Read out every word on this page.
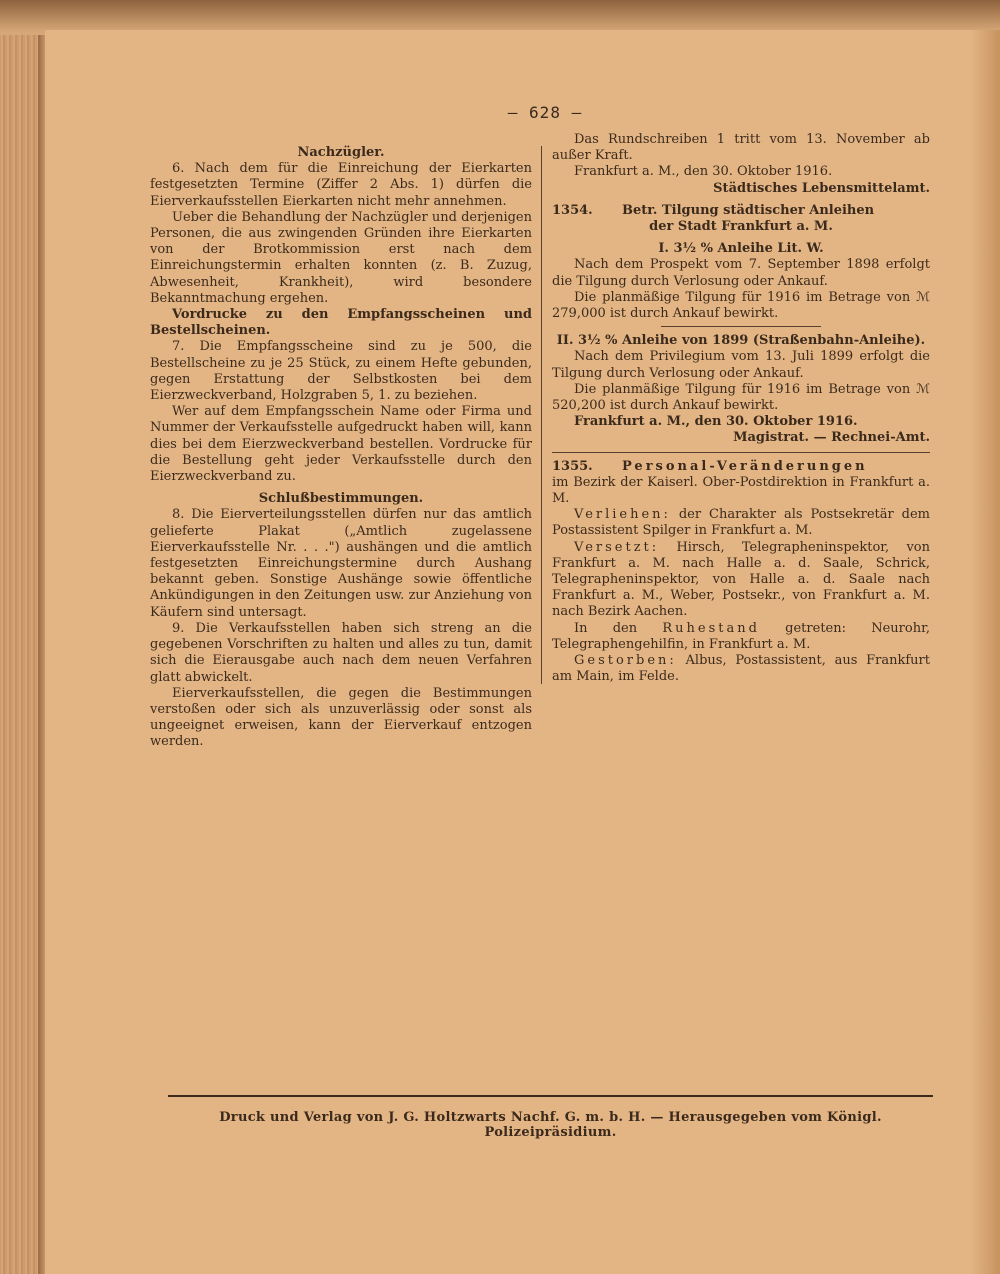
— 628 —

Nachzügler.

6. Nach dem für die Einreichung der Eierkarten festgesetzten Termine (Ziffer 2 Abs. 1) dürfen die Eierverkaufsstellen Eierkarten nicht mehr annehmen.

Ueber die Behandlung der Nachzügler und derjenigen Personen, die aus zwingenden Gründen ihre Eierkarten von der Brotkommission erst nach dem Einreichungstermin erhalten konnten (z. B. Zuzug, Abwesenheit, Krankheit), wird besondere Bekanntmachung ergehen.

Vordrucke zu den Empfangsscheinen und Bestellscheinen.

7. Die Empfangsscheine sind zu je 500, die Bestellscheine zu je 25 Stück, zu einem Hefte gebunden, gegen Erstattung der Selbstkosten bei dem Eierzweckverband, Holzgraben 5, 1. zu beziehen.

Wer auf dem Empfangsschein Name oder Firma und Nummer der Verkaufsstelle aufgedruckt haben will, kann dies bei dem Eierzweckverband bestellen. Vordrucke für die Bestellung geht jeder Verkaufsstelle durch den Eierzweckverband zu.

Schlußbestimmungen.

8. Die Eierverteilungsstellen dürfen nur das amtlich gelieferte Plakat („Amtlich zugelassene Eierverkaufsstelle Nr. . . .") aushängen und die amtlich festgesetzten Einreichungstermine durch Aushang bekannt geben. Sonstige Aushänge sowie öffentliche Ankündigungen in den Zeitungen usw. zur Anziehung von Käufern sind untersagt.

9. Die Verkaufsstellen haben sich streng an die gegebenen Vorschriften zu halten und alles zu tun, damit sich die Eierausgabe auch nach dem neuen Verfahren glatt abwickelt.

Eierverkaufsstellen, die gegen die Bestimmungen verstoßen oder sich als unzuverlässig oder sonst als ungeeignet erweisen, kann der Eierverkauf entzogen werden.

Das Rundschreiben 1 tritt vom 13. November ab außer Kraft.

Frankfurt a. M., den 30. Oktober 1916.

Städtisches Lebensmittelamt.

1354. Betr. Tilgung städtischer Anleihen

der Stadt Frankfurt a. M.

I. 3½ % Anleihe Lit. W.

Nach dem Prospekt vom 7. September 1898 erfolgt die Tilgung durch Verlosung oder Ankauf.

Die planmäßige Tilgung für 1916 im Betrage von ℳ 279,000 ist durch Ankauf bewirkt.

II. 3½ % Anleihe von 1899 (Straßenbahn-Anleihe).

Nach dem Privilegium vom 13. Juli 1899 erfolgt die Tilgung durch Verlosung oder Ankauf.

Die planmäßige Tilgung für 1916 im Betrage von ℳ 520,200 ist durch Ankauf bewirkt.

Frankfurt a. M., den 30. Oktober 1916.

Magistrat. — Rechnei-Amt.

1355. Personal-Veränderungen

im Bezirk der Kaiserl. Ober-Postdirektion in Frankfurt a. M.

Verliehen: der Charakter als Postsekretär dem Postassistent Spilger in Frankfurt a. M.

Versetzt: Hirsch, Telegrapheninspektor, von Frankfurt a. M. nach Halle a. d. Saale, Schrick, Telegrapheninspektor, von Halle a. d. Saale nach Frankfurt a. M., Weber, Postsekr., von Frankfurt a. M. nach Bezirk Aachen.

In den Ruhestand getreten: Neurohr, Telegraphengehilfin, in Frankfurt a. M.

Gestorben: Albus, Postassistent, aus Frankfurt am Main, im Felde.

Druck und Verlag von J. G. Holtzwarts Nachf. G. m. b. H. — Herausgegeben vom Königl. Polizeipräsidium.
